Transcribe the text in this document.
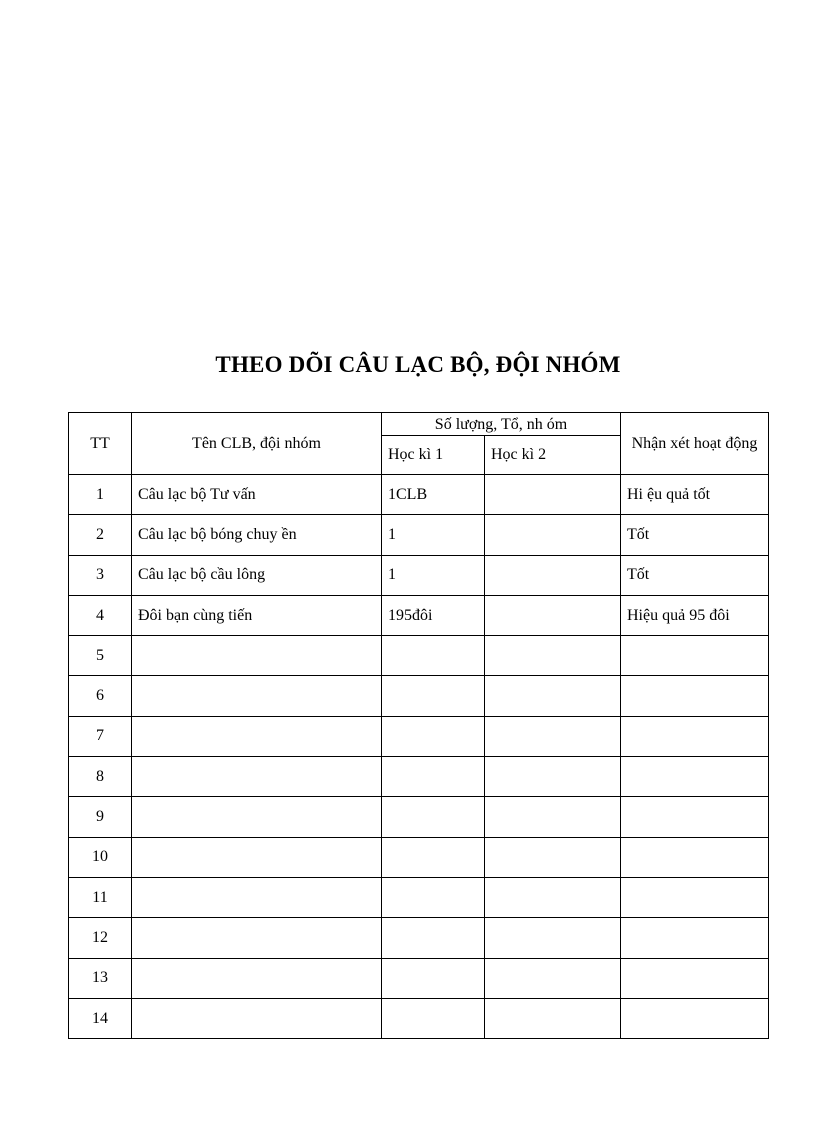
THEO DÕI CÂU LẠC BỘ, ĐỘI NHÓM
TT	Tên CLB, đội nhóm	Số lượng, Tổ, nh óm		Nhận xét hoạt động
		Học kì 1	Học kì 2	
1	Câu lạc bộ Tư vấn	1CLB		Hi ệu quả tốt
2	Câu lạc bộ bóng chuy ền	1		Tốt
3	Câu lạc bộ cầu lông	1		Tốt
4	Đôi bạn cùng tiến	195đôi		Hiệu quả 95 đôi
5				
6				
7				
8				
9				
10				
11				
12				
13				
14				
